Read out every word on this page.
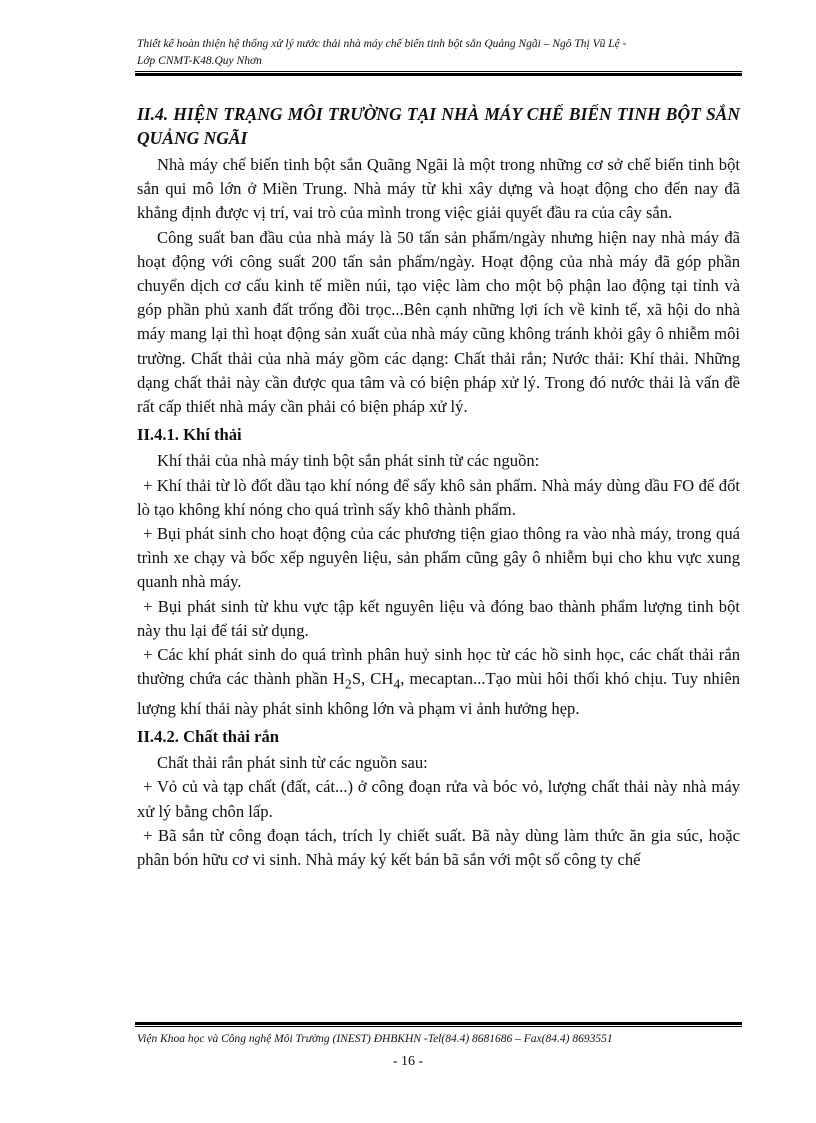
Thiết kế hoàn thiện hệ thống xử lý nước thải nhà máy chế biến tinh bột sắn Quảng Ngãi – Ngô Thị Vũ Lệ -
Lớp CNMT-K48.Quy Nhơn
II.4. HIỆN TRẠNG MÔI TRƯỜNG TẠI NHÀ MÁY CHẾ BIẾN TINH BỘT SẮN QUẢNG NGÃI

Nhà máy chế biến tinh bột sắn Quãng Ngãi là một trong những cơ sở chế biến tinh bột sắn qui mô lớn ở Miền Trung. Nhà máy từ khi xây dựng và hoạt động cho đến nay đã khẳng định được vị trí, vai trò của mình trong việc giải quyết đầu ra của cây sắn.

Công suất ban đầu của nhà máy là 50 tấn sản phẩm/ngày nhưng hiện nay nhà máy đã hoạt động với công suất 200 tấn sản phẩm/ngày. Hoạt động của nhà máy đã góp phần chuyển dịch cơ cấu kinh tế miền núi, tạo việc làm cho một bộ phận lao động tại tỉnh và góp phần phủ xanh đất trống đồi trọc...Bên cạnh những lợi ích về kinh tế, xã hội do nhà máy mang lại thì hoạt động sản xuất của nhà máy cũng không tránh khỏi gây ô nhiễm môi trường. Chất thải của nhà máy gồm các dạng: Chất thải rắn; Nước thải: Khí thải. Những dạng chất thải này cần được qua tâm và có biện pháp xử lý. Trong đó nước thải là vấn đề rất cấp thiết nhà máy cần phải có biện pháp xử lý.

II.4.1. Khí thải

Khí thải của nhà máy tinh bột sắn phát sinh từ các nguồn:

+ Khí thải từ lò đốt dầu tạo khí nóng để sấy khô sản phẩm. Nhà máy dùng dầu FO để đốt lò tạo không khí nóng cho quá trình sấy khô thành phẩm.

+ Bụi phát sinh cho hoạt động của các phương tiện giao thông ra vào nhà máy, trong quá trình xe chạy và bốc xếp nguyên liệu, sản phẩm cũng gây ô nhiễm bụi cho khu vực xung quanh nhà máy.

+ Bụi phát sinh từ khu vực tập kết nguyên liệu và đóng bao thành phẩm lượng tinh bột này thu lại để tái sử dụng.

+ Các khí phát sinh do quá trình phân huỷ sinh học từ các hồ sinh học, các chất thải rắn thường chứa các thành phần $H_2S$, $CH_4$, mecaptan...Tạo mùi hôi thối khó chịu. Tuy nhiên lượng khí thải này phát sinh không lớn và phạm vi ảnh hưởng hẹp.

II.4.2. Chất thải rắn

Chất thải rắn phát sinh từ các nguồn sau:

+ Vỏ củ và tạp chất (đất, cát...) ở công đoạn rửa và bóc vỏ, lượng chất thải này nhà máy xử lý bằng chôn lấp.

+ Bã sắn từ công đoạn tách, trích ly chiết suất. Bã này dùng làm thức ăn gia súc, hoặc phân bón hữu cơ vi sinh. Nhà máy ký kết bán bã sắn với một số công ty chế

Viện Khoa học và Công nghệ Môi Trường (INEST) ĐHBKHN -Tel(84.4) 8681686 – Fax(84.4) 8693551
- 16 -
